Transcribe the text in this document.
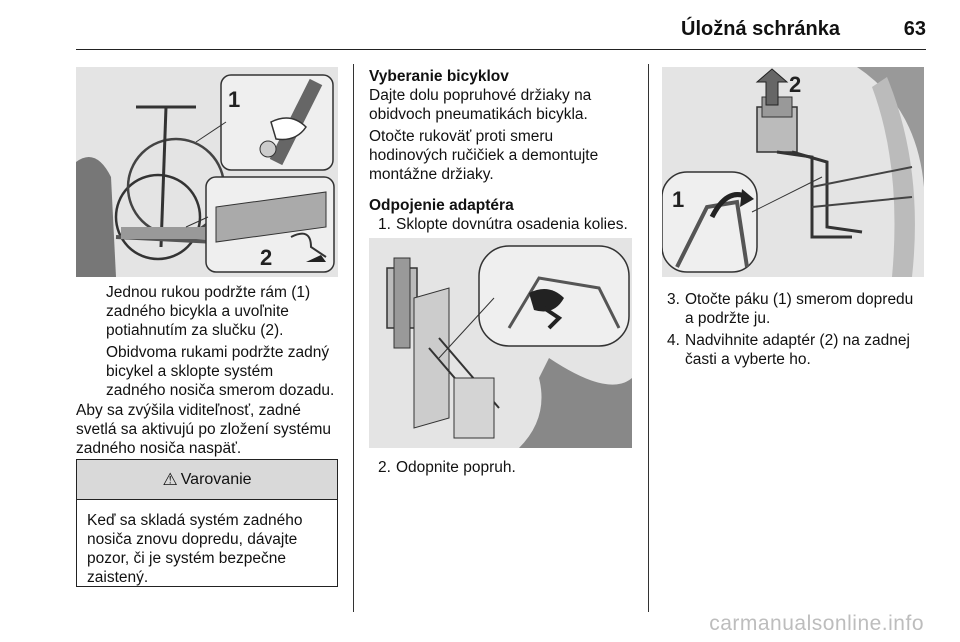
Úložná schránka	63
1
2
Jednou rukou podržte rám (1)
zadného bicykla a uvoľnite
potiahnutím za slučku (2).
Obidvoma rukami podržte zadný
bicykel a sklopte systém
zadného nosiča smerom dozadu.
Aby sa zvýšila viditeľnosť, zadné
svetlá sa aktivujú po zložení systému
zadného nosiča naspäť.
⚠ Varovanie
Keď sa skladá systém zadného
nosiča znovu dopredu, dávajte
pozor, či je systém bezpečne
zaistený.
Vyberanie bicyklov
Dajte dolu popruhové držiaky na
obidvoch pneumatikách bicykla.
Otočte rukoväť proti smeru
hodinových ručičiek a demontujte
montážne držiaky.
Odpojenie adaptéra
1. Sklopte dovnútra osadenia kolies.
2. Odopnite popruh.
2
1
3. Otočte páku (1) smerom dopredu
a podržte ju.
4. Nadvihnite adaptér (2) na zadnej
časti a vyberte ho.
carmanualsonline.info
